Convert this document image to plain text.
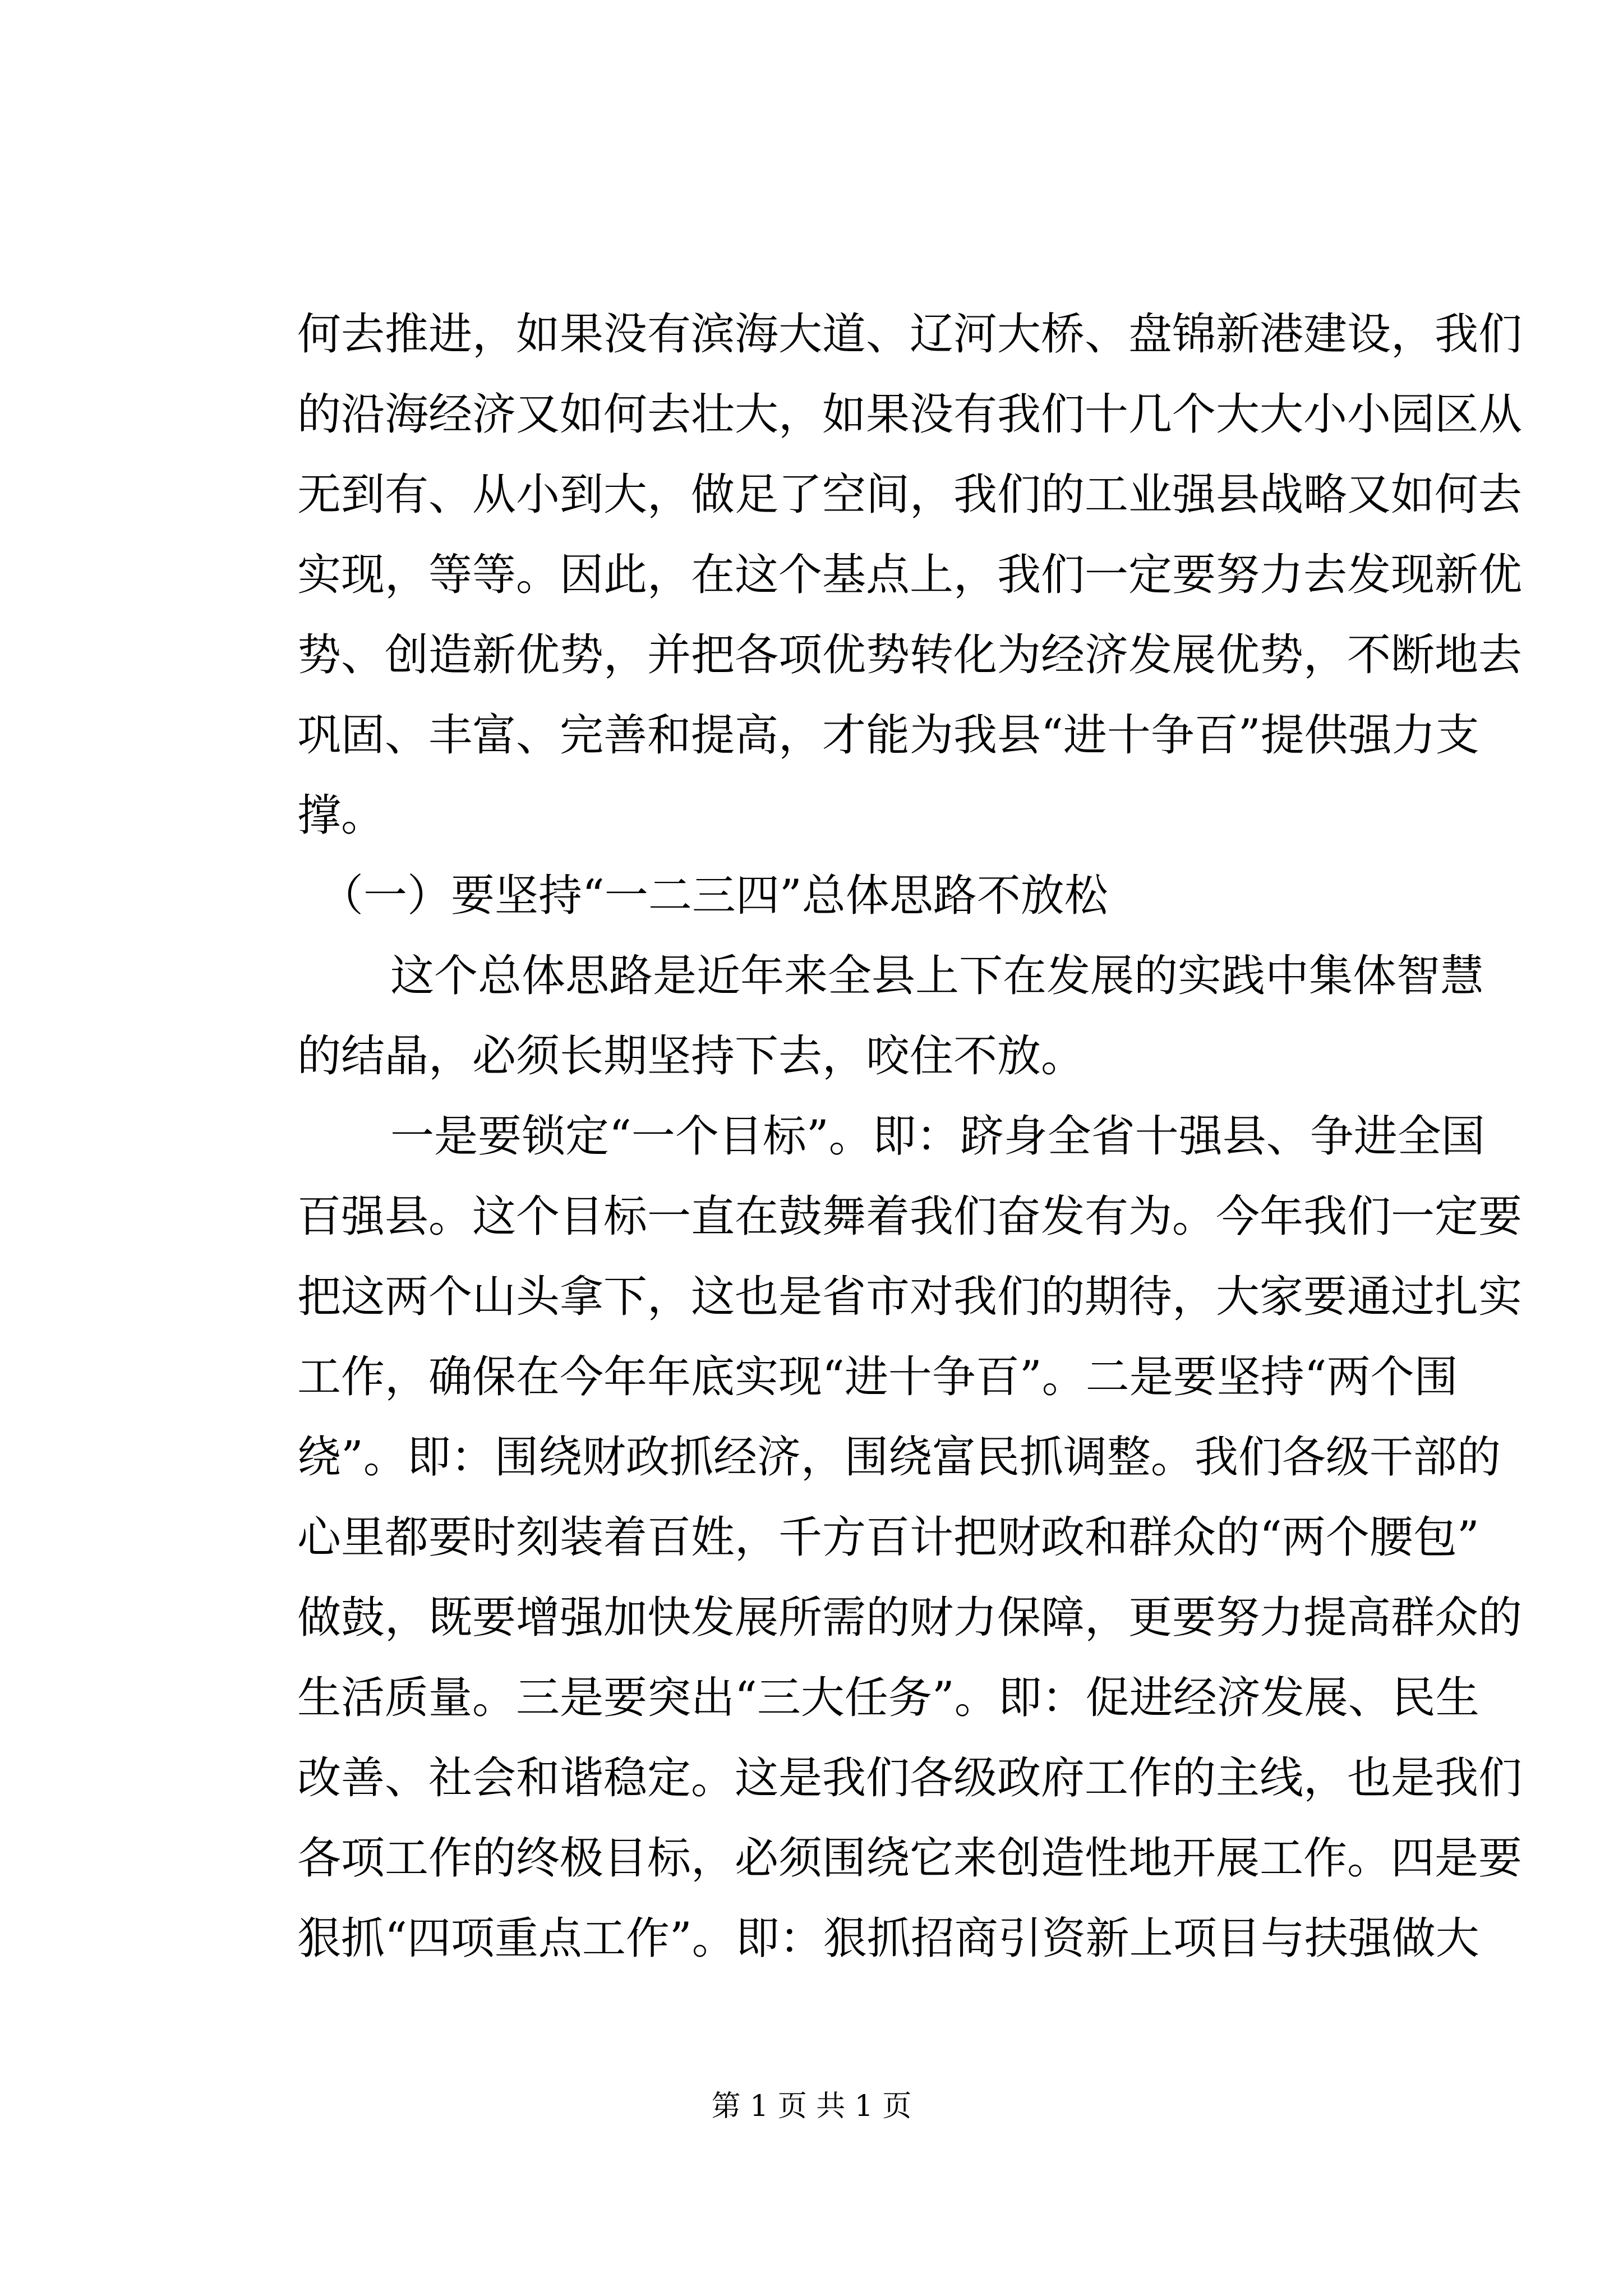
何去推进，如果没有滨海大道、辽河大桥、盘锦新港建设，我们
的沿海经济又如何去壮大，如果没有我们十几个大大小小园区从
无到有、从小到大，做足了空间，我们的工业强县战略又如何去
实现，等等。因此，在这个基点上，我们一定要努力去发现新优
势、创造新优势，并把各项优势转化为经济发展优势，不断地去
巩固、丰富、完善和提高，才能为我县“进十争百”提供强力支
撑。
（一）要坚持“一二三四”总体思路不放松
这个总体思路是近年来全县上下在发展的实践中集体智慧
的结晶，必须长期坚持下去，咬住不放。
一是要锁定“一个目标”。即：跻身全省十强县、争进全国
百强县。这个目标一直在鼓舞着我们奋发有为。今年我们一定要
把这两个山头拿下，这也是省市对我们的期待，大家要通过扎实
工作，确保在今年年底实现“进十争百”。二是要坚持“两个围
绕”。即：围绕财政抓经济，围绕富民抓调整。我们各级干部的
心里都要时刻装着百姓，千方百计把财政和群众的“两个腰包”
做鼓，既要增强加快发展所需的财力保障，更要努力提高群众的
生活质量。三是要突出“三大任务”。即：促进经济发展、民生
改善、社会和谐稳定。这是我们各级政府工作的主线，也是我们
各项工作的终极目标，必须围绕它来创造性地开展工作。四是要
狠抓“四项重点工作”。即：狠抓招商引资新上项目与扶强做大
第 1 页 共 1 页
